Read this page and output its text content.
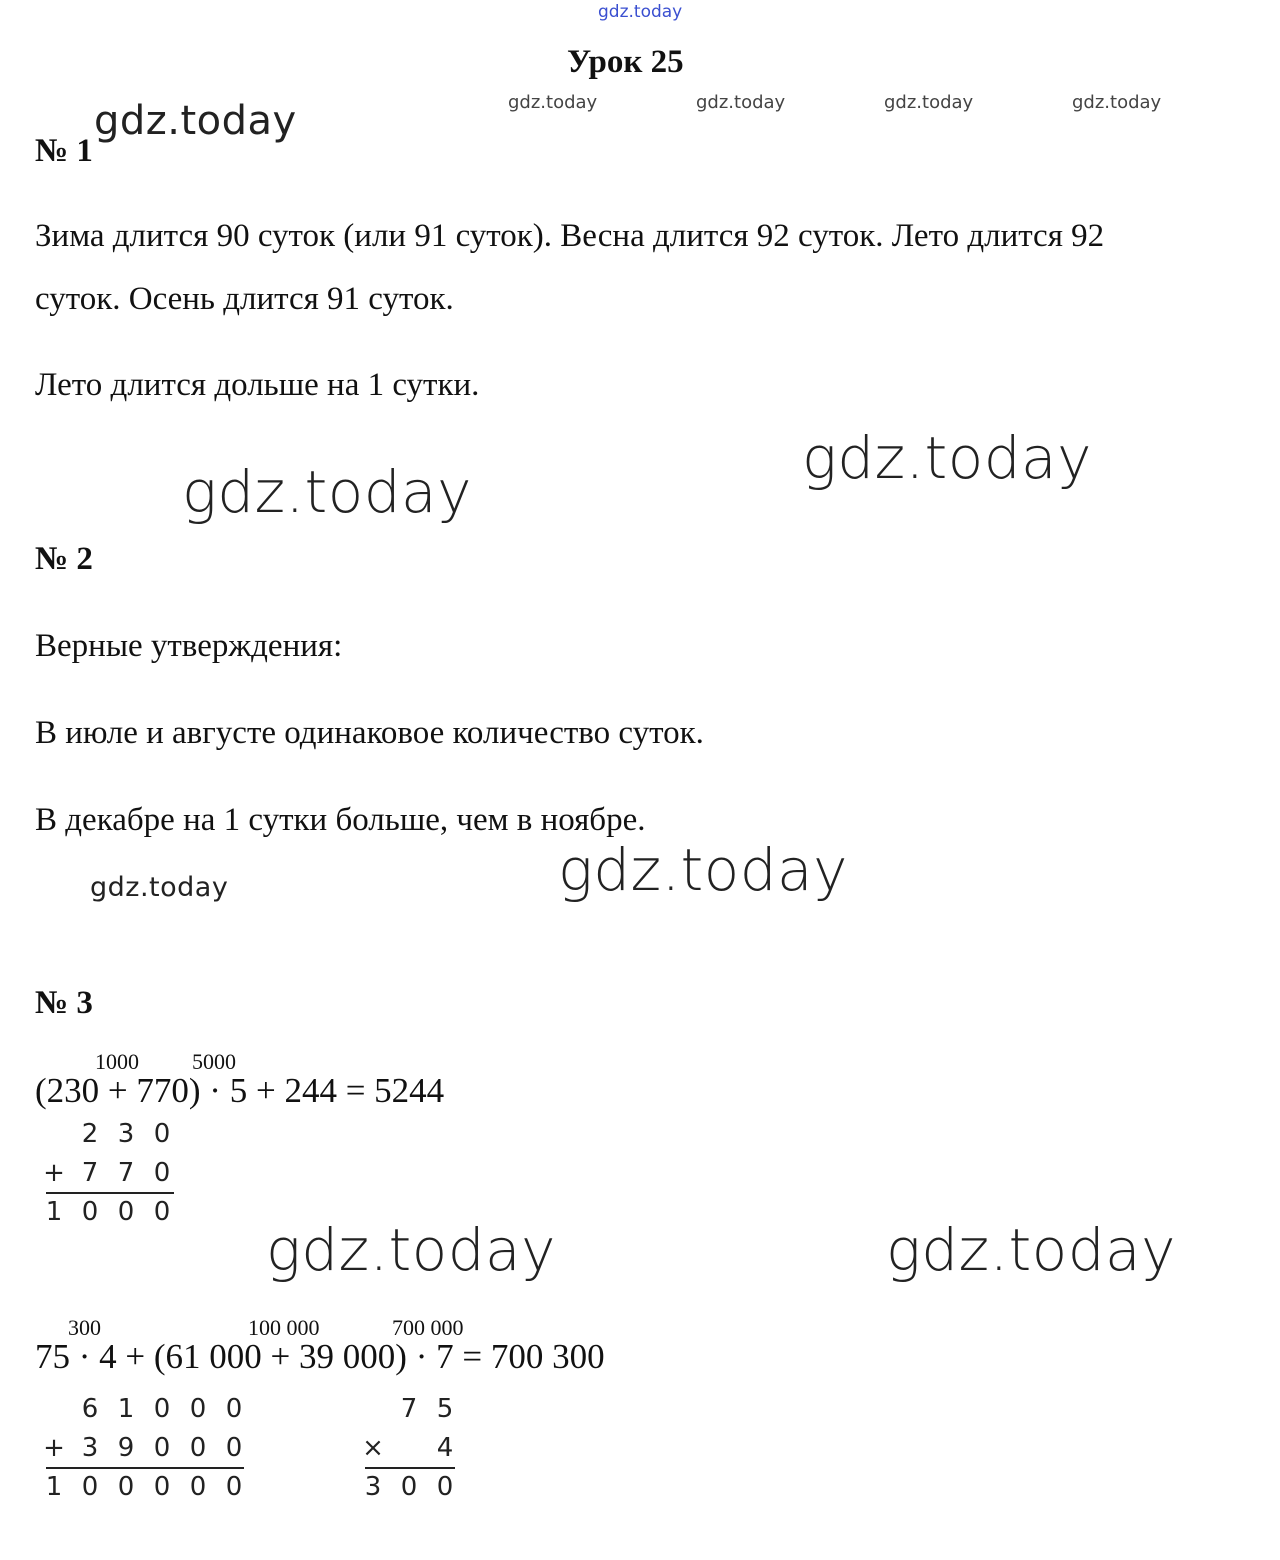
gdz.today
gdz.today	gdz.today	gdz.today	gdz.today
gdz.today
gdz.today	gdz.today
gdz.today
gdz.today
gdz.today	gdz.today
Урок 25
№ 1
Зима длится 90 суток (или 91 суток). Весна длится 92 суток. Лето длится 92
суток. Осень длится 91 суток.
Лето длится дольше на 1 сутки.
№ 2
Верные утверждения:
В июле и августе одинаковое количество суток.
В декабре на 1 сутки больше, чем в ноябре.
№ 3
1000 5000
(230 + 770) · 5 + 244 = 5244
2 3 0
+ 7 7 0
1 0 0 0
300	100 000	700 000
75 · 4 + (61 000 + 39 000) · 7 = 700 300
6 1 0 0 0
+ 3 9 0 0 0
1 0 0 0 0 0
7 5
×	4
3 0 0
